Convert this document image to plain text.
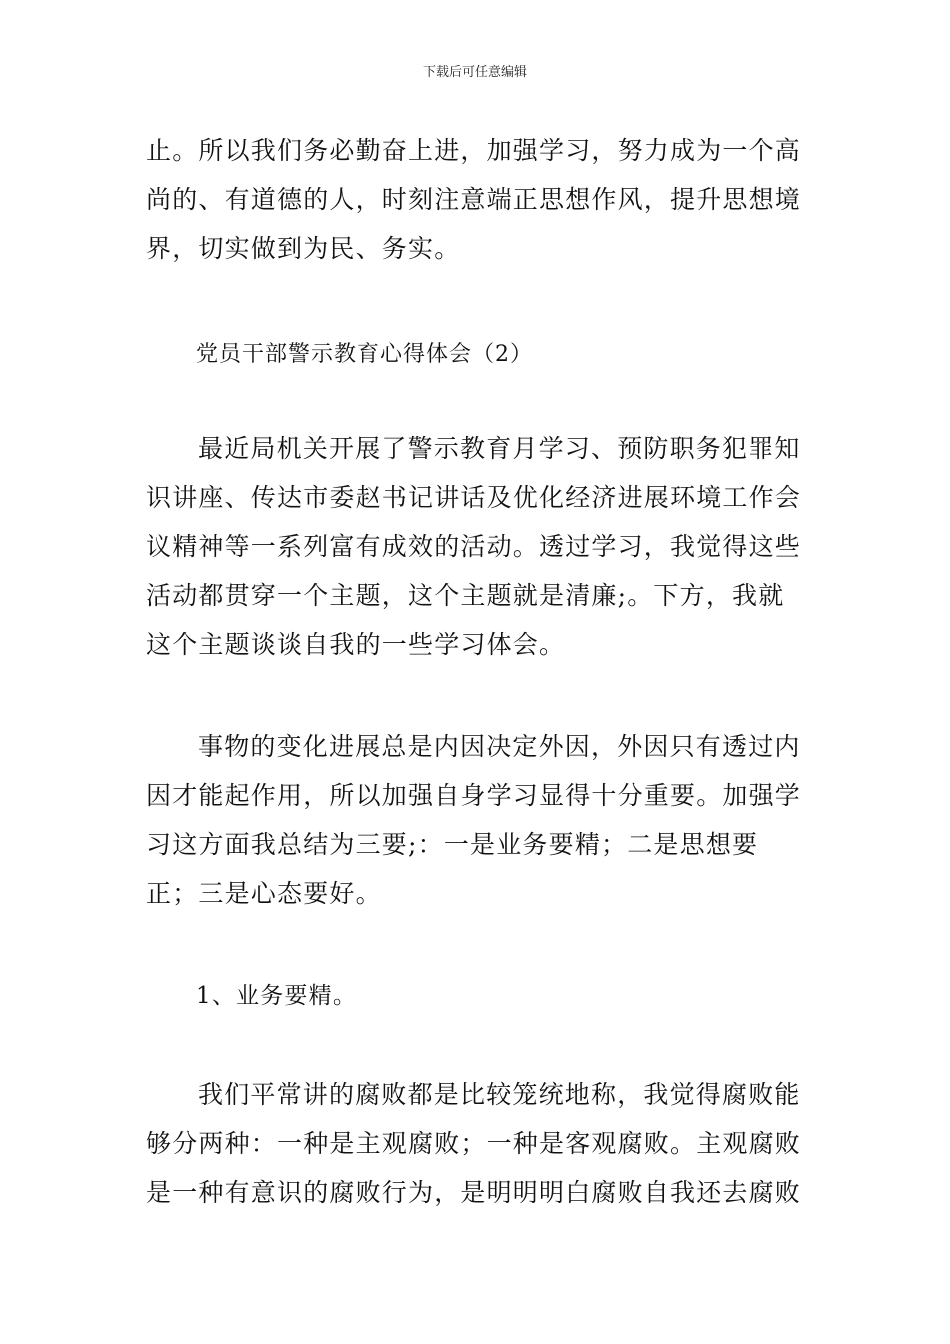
下载后可任意编辑

止。所以我们务必勤奋上进，加强学习，努力成为一个高尚的、有道德的人，时刻注意端正思想作风，提升思想境界，切实做到为民、务实。

党员干部警示教育心得体会（2）

最近局机关开展了警示教育月学习、预防职务犯罪知识讲座、传达市委赵书记讲话及优化经济进展环境工作会议精神等一系列富有成效的活动。透过学习，我觉得这些活动都贯穿一个主题，这个主题就是清廉;。下方，我就这个主题谈谈自我的一些学习体会。

事物的变化进展总是内因决定外因，外因只有透过内因才能起作用，所以加强自身学习显得十分重要。加强学习这方面我总结为三要;：一是业务要精；二是思想要正；三是心态要好。

1、业务要精。

我们平常讲的腐败都是比较笼统地称，我觉得腐败能够分两种：一种是主观腐败；一种是客观腐败。主观腐败是一种有意识的腐败行为，是明明明白腐败自我还去腐败
